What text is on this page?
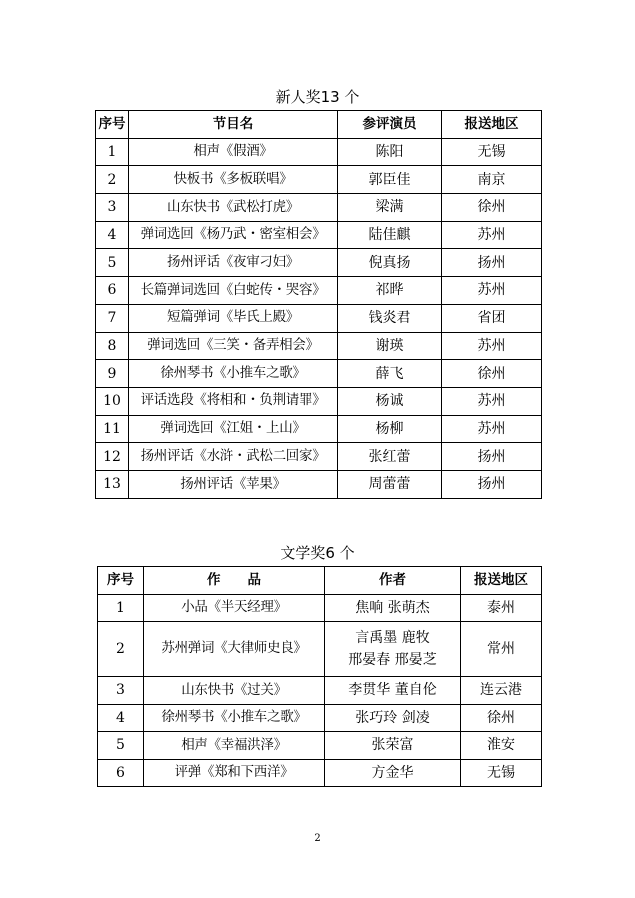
新人奖13 个
序号	节目名	参评演员	报送地区
1	相声《假酒》	陈阳	无锡
2	快板书《多板联唱》	郭臣佳	南京
3	山东快书《武松打虎》	梁满	徐州
4	弹词选回《杨乃武・密室相会》	陆佳麒	苏州
5	扬州评话《夜审刁妇》	倪真扬	扬州
6	长篇弹词选回《白蛇传・哭容》	祁晔	苏州
7	短篇弹词《毕氏上殿》	钱炎君	省团
8	弹词选回《三笑・备弄相会》	谢瑛	苏州
9	徐州琴书《小推车之歌》	薛飞	徐州
10	评话选段《将相和・负荆请罪》	杨诚	苏州
11	弹词选回《江姐・上山》	杨柳	苏州
12	扬州评话《水浒・武松二回家》	张红蕾	扬州
13	扬州评话《苹果》	周蕾蕾	扬州
文学奖6 个
序号	作　　品	作者	报送地区
1	小品《半天经理》	焦响 张萌杰	泰州
2	苏州弹词《大律师史良》	言禹墨 鹿牧
邢晏春 邢晏芝	常州
3	山东快书《过关》	李贯华 董自伦	连云港
4	徐州琴书《小推车之歌》	张巧玲 剑凌	徐州
5	相声《幸福洪泽》	张荣富	淮安
6	评弹《郑和下西洋》	方金华	无锡
2
